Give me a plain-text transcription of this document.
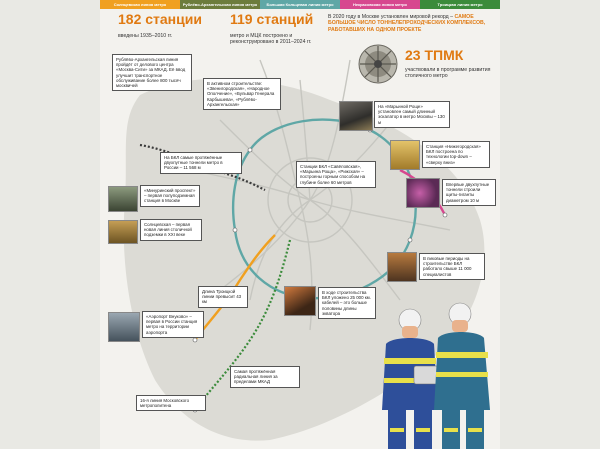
Солнцевская линия метро	Рублёво-Архангельская линия метро	Большая Кольцевая линия метро	Некрасовская линия метро	Троицкая линия метро
182 станции
введены 1935–2010 гг.
119 станций
метро и МЦК построено и реконструировано в 2011–2024 гг.
В 2020 году в Москве установлен мировой рекорд – САМОЕ БОЛЬШОЕ ЧИСЛО ТОННЕЛЕПРОХОДЧЕСКИХ КОМПЛЕКСОВ, РАБОТАВШИХ НА ОДНОМ ПРОЕКТЕ
23 ТПМК
участвовали в программе развития столичного метро
Рублёво-Архангельская линия пройдёт от делового центра «Москва-Сити» за МКАД. Её ввод улучшит транспортное обслуживание более 800 тысяч москвичей	В активном строительстве: «Звенигородская», «Народное Ополчение», «Бульвар Генерала Карбышева», «Рублёво-Архангельская»	На «Марьиной Роще» установлен самый длинный эскалатор в метро Москвы – 130 м
Станция «Нижегородская» БКЛ построена по технологии top-down – «сверху вниз»
На БКЛ самые протяжённые двухпутные тоннели метро в России – 11 568 м	Станции БКЛ «Савёловская», «Марьина Роща», «Рижская» – построены горным способом на глубине более 60 метров	Впервые двухпутные тоннели строили щиты-гиганты диаметром 10 м
«Минуринский проспект» – первая полуподземная станция в Москве
Солнцевская – первая новая линия столичной подземки в XXI веке
В пиковые периоды на строительстве БКЛ работало свыше 11 000 специалистов
Длина Троицкой линии превысит 43 км
В ходе строительства БКЛ уложено 25 000 км. кабелей – это больше половины длины экватора
«Аэропорт Внуково» – первая в России станция метро на территории аэропорта
Самая протяжённая радиальная линия за пределами МКАД
16-я линия Московского метрополитена
